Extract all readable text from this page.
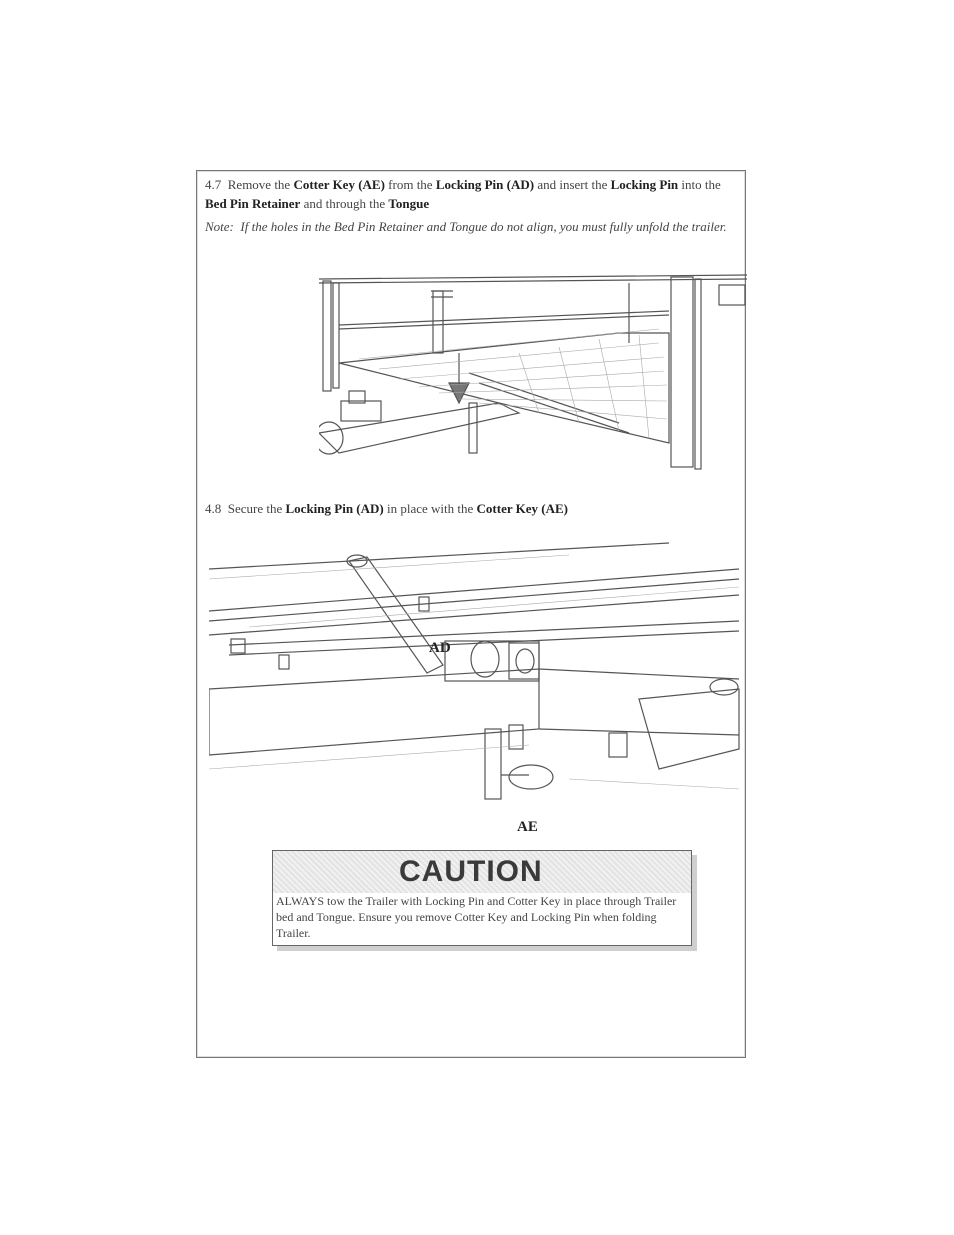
4.7 Remove the Cotter Key (AE) from the Locking Pin (AD) and insert the Locking Pin into the Bed Pin Retainer and through the Tongue
Note: If the holes in the Bed Pin Retainer and Tongue do not align, you must fully unfold the trailer.
4.8 Secure the Locking Pin (AD) in place with the Cotter Key (AE)
AD
AE
CAUTION
ALWAYS tow the Trailer with Locking Pin and Cotter Key in place through Trailer bed and Tongue. Ensure you remove Cotter Key and Locking Pin when folding Trailer.
